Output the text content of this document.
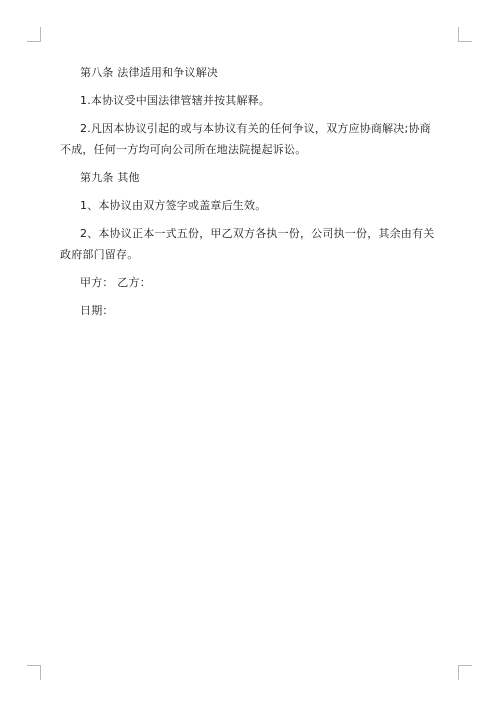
第八条 法律适用和争议解决

1.本协议受中国法律管辖并按其解释。

2.凡因本协议引起的或与本协议有关的任何争议，双方应协商解决;协商不成，任何一方均可向公司所在地法院提起诉讼。

第九条 其他

1、本协议由双方签字或盖章后生效。

2、本协议正本一式五份，甲乙双方各执一份，公司执一份，其余由有关政府部门留存。

甲方： 乙方：

日期：
